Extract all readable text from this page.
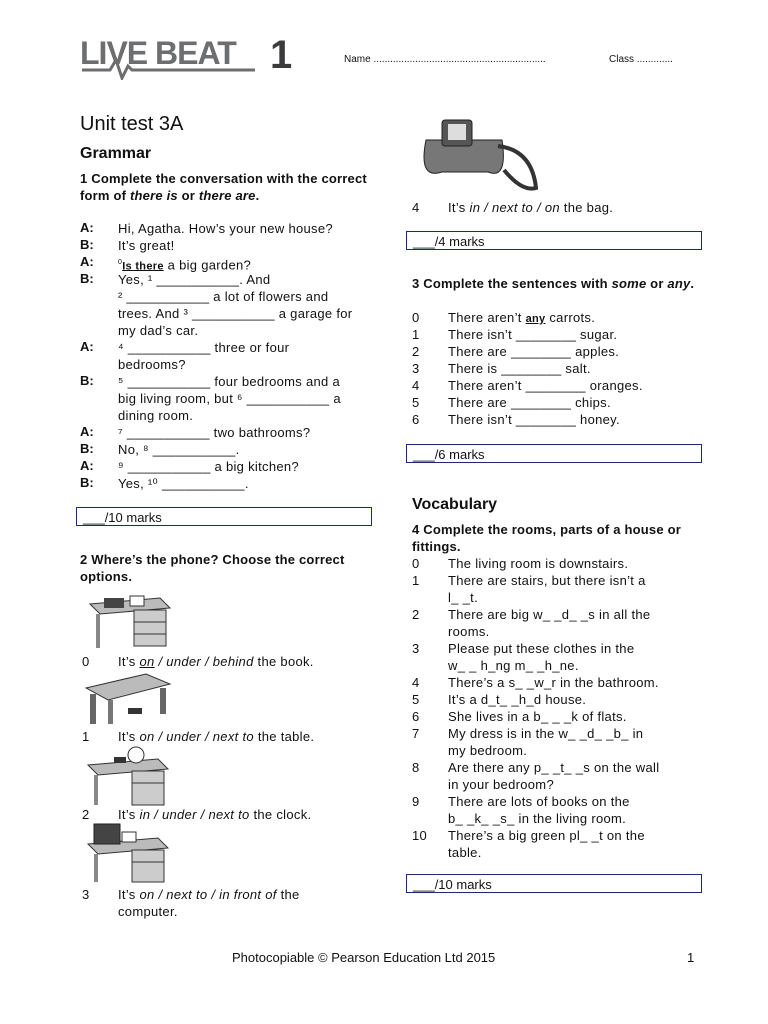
LIVE BEAT 1	Name ..............................................................	Class .............
Unit test 3A
Grammar
1 Complete the conversation with the correct form of there is or there are.
A: Hi, Agatha. How’s your new house?
B: It’s great!
A:	$^0$Is there a big garden?
B: Yes, ¹ ___________. And
² ___________ a lot of flowers and
trees. And ³ ___________ a garage for
my dad’s car.
A: ⁴ ___________ three or four
bedrooms?
B: ⁵ ___________ four bedrooms and a
big living room, but ⁶ ___________ a
dining room.
A: ⁷ ___________ two bathrooms?
B: No, ⁸ ___________.
A: ⁹ ___________ a big kitchen?
B: Yes, ¹⁰ ___________.
___/10 marks
2 Where’s the phone? Choose the correct options.
0 It’s on / under / behind the book.
1 It’s on / under / next to the table.
2 It’s in / under / next to the clock.
3 It’s on / next to / in front of the
computer.
4 It’s in / next to / on the bag.
___/4 marks
3 Complete the sentences with some or any.
0 There aren’t any carrots.
1 There isn’t ________ sugar.
2 There are ________ apples.
3 There is ________ salt.
4 There aren’t ________ oranges.
5 There are ________ chips.
6 There isn’t ________ honey.
___/6 marks
Vocabulary
4 Complete the rooms, parts of a house or fittings.
0 The living room is downstairs.
1 There are stairs, but there isn’t a
l_ _t.
2 There are big w_ _d_ _s in all the
rooms.
3 Please put these clothes in the
w_ _ h_ng m_ _h_ne.
4 There’s a s_ _w_r in the bathroom.
5 It’s a d_t_ _h_d house.
6 She lives in a b_ _ _k of flats.
7 My dress is in the w_ _d_ _b_ in
my bedroom.
8 Are there any p_ _t_ _s on the wall
in your bedroom?
9 There are lots of books on the
b_ _k_ _s_ in the living room.
10 There’s a big green pl_ _t on the
table.
___/10 marks
Photocopiable © Pearson Education Ltd 2015	1
